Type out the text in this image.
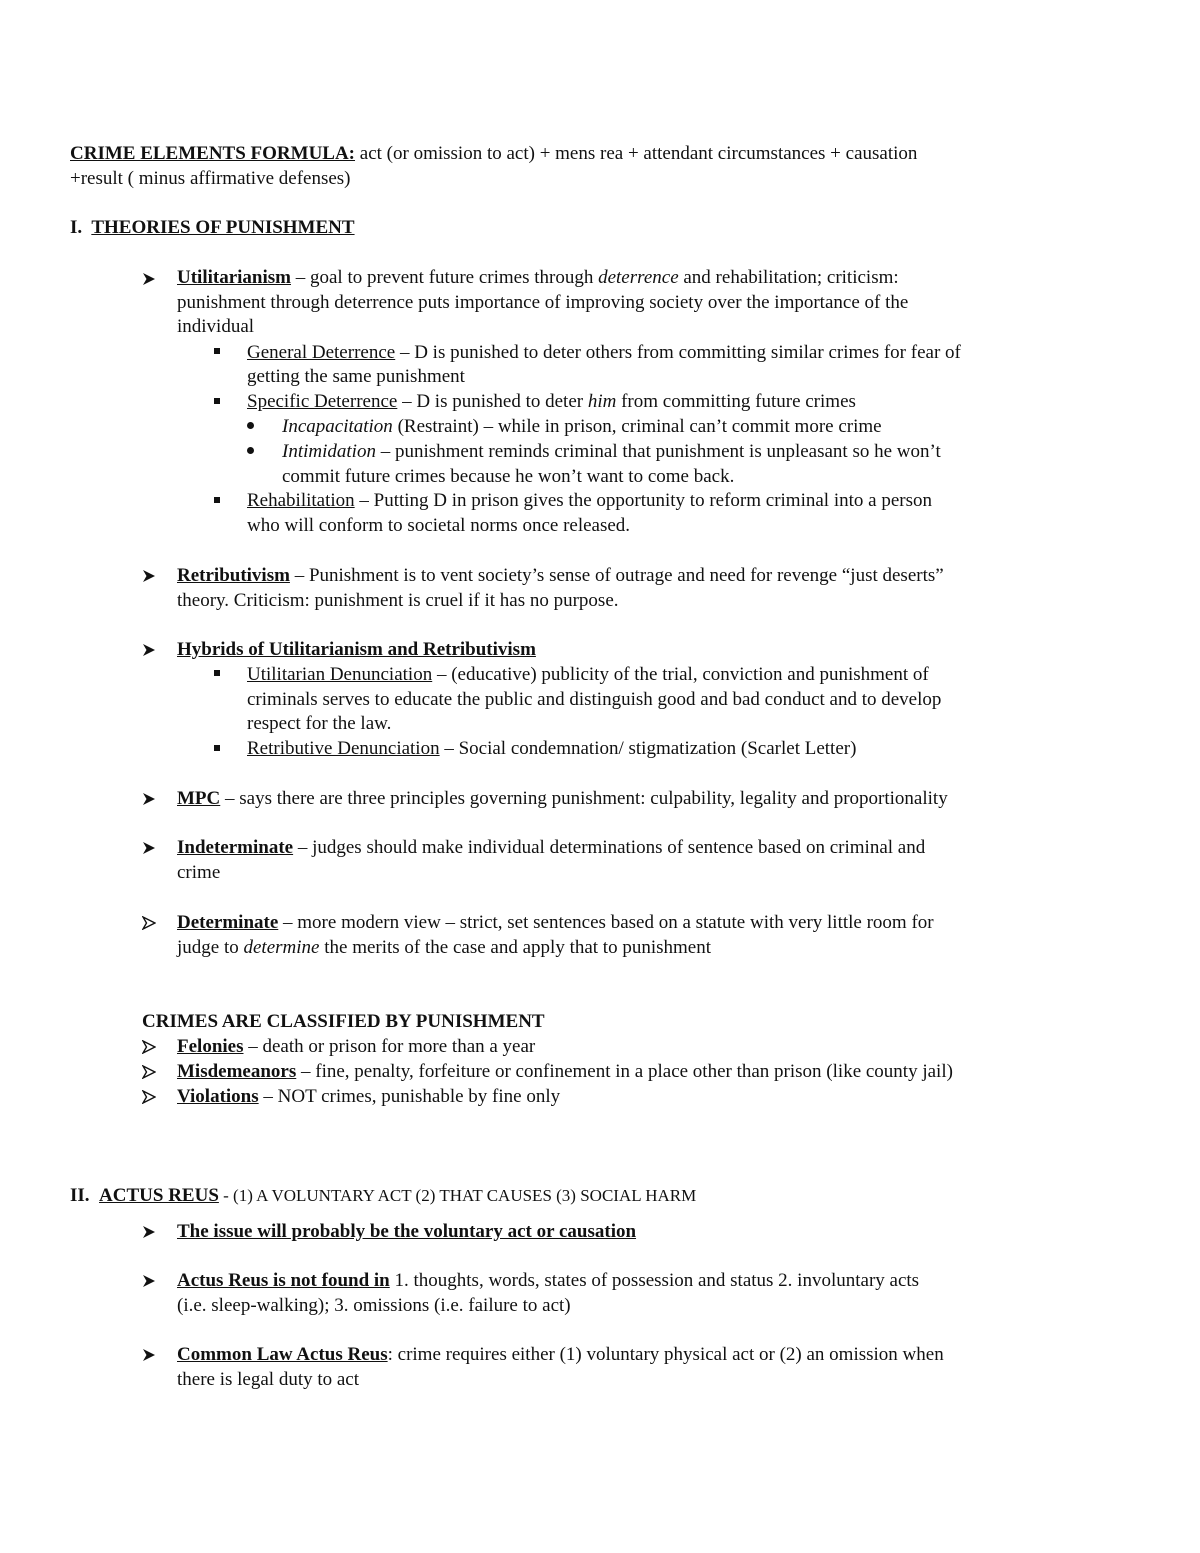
CRIME ELEMENTS FORMULA: act (or omission to act) + mens rea + attendant circumstances + causation
+result ( minus affirmative defenses)
I. THEORIES OF PUNISHMENT
Utilitarianism – goal to prevent future crimes through deterrence and rehabilitation; criticism:
punishment through deterrence puts importance of improving society over the importance of the
individual
General Deterrence – D is punished to deter others from committing similar crimes for fear of
getting the same punishment
Specific Deterrence – D is punished to deter him from committing future crimes
Incapacitation (Restraint) – while in prison, criminal can’t commit more crime
Intimidation – punishment reminds criminal that punishment is unpleasant so he won’t
commit future crimes because he won’t want to come back.
Rehabilitation – Putting D in prison gives the opportunity to reform criminal into a person
who will conform to societal norms once released.
Retributivism – Punishment is to vent society’s sense of outrage and need for revenge “just deserts”
theory. Criticism: punishment is cruel if it has no purpose.
Hybrids of Utilitarianism and Retributivism
Utilitarian Denunciation – (educative) publicity of the trial, conviction and punishment of
criminals serves to educate the public and distinguish good and bad conduct and to develop
respect for the law.
Retributive Denunciation – Social condemnation/ stigmatization (Scarlet Letter)
MPC – says there are three principles governing punishment: culpability, legality and proportionality
Indeterminate – judges should make individual determinations of sentence based on criminal and
crime
Determinate – more modern view – strict, set sentences based on a statute with very little room for
judge to determine the merits of the case and apply that to punishment
CRIMES ARE CLASSIFIED BY PUNISHMENT
Felonies – death or prison for more than a year
Misdemeanors – fine, penalty, forfeiture or confinement in a place other than prison (like county jail)
Violations – NOT crimes, punishable by fine only
II. ACTUS REUS - (1) A VOLUNTARY ACT (2) THAT CAUSES (3) SOCIAL HARM
The issue will probably be the voluntary act or causation
Actus Reus is not found in 1. thoughts, words, states of possession and status 2. involuntary acts
(i.e. sleep-walking); 3. omissions (i.e. failure to act)
Common Law Actus Reus: crime requires either (1) voluntary physical act or (2) an omission when
there is legal duty to act
